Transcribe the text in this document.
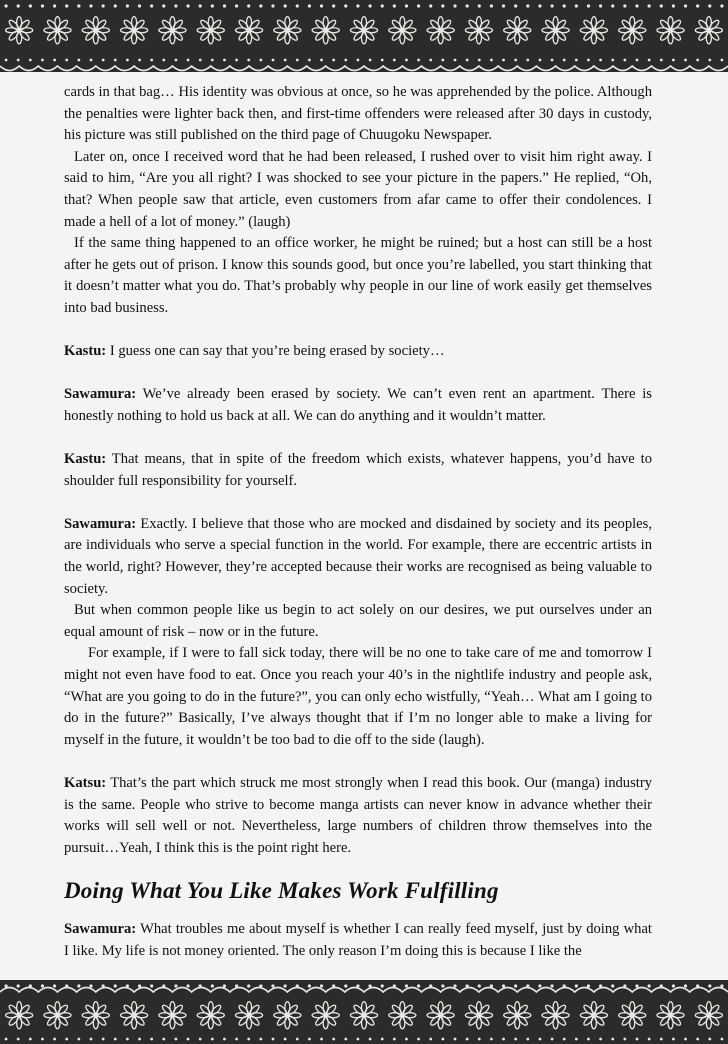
cards in that bag… His identity was obvious at once, so he was apprehended by the police. Although the penalties were lighter back then, and first-time offenders were released after 30 days in custody, his picture was still published on the third page of Chuugoku Newspaper.

Later on, once I received word that he had been released, I rushed over to visit him right away. I said to him, “Are you all right? I was shocked to see your picture in the papers.” He replied, “Oh, that? When people saw that article, even customers from afar came to offer their condolences. I made a hell of a lot of money.” (laugh)

If the same thing happened to an office worker, he might be ruined; but a host can still be a host after he gets out of prison. I know this sounds good, but once you’re labelled, you start thinking that it doesn’t matter what you do. That’s probably why people in our line of work easily get themselves into bad business.

Kastu: I guess one can say that you’re being erased by society…

Sawamura: We’ve already been erased by society. We can’t even rent an apartment. There is honestly nothing to hold us back at all. We can do anything and it wouldn’t matter.

Kastu: That means, that in spite of the freedom which exists, whatever happens, you’d have to shoulder full responsibility for yourself.

Sawamura: Exactly. I believe that those who are mocked and disdained by society and its peoples, are individuals who serve a special function in the world. For example, there are eccentric artists in the world, right? However, they’re accepted because their works are recognised as being valuable to society.

But when common people like us begin to act solely on our desires, we put ourselves under an equal amount of risk – now or in the future.

For example, if I were to fall sick today, there will be no one to take care of me and tomorrow I might not even have food to eat. Once you reach your 40’s in the nightlife industry and people ask, “What are you going to do in the future?”, you can only echo wistfully, “Yeah… What am I going to do in the future?” Basically, I’ve always thought that if I’m no longer able to make a living for myself in the future, it wouldn’t be too bad to die off to the side (laugh).

Katsu: That’s the part which struck me most strongly when I read this book. Our (manga) industry is the same. People who strive to become manga artists can never know in advance whether their works will sell well or not. Nevertheless, large numbers of children throw themselves into the pursuit…Yeah, I think this is the point right here.

Doing What You Like Makes Work Fulfilling

Sawamura: What troubles me about myself is whether I can really feed myself, just by doing what I like. My life is not money oriented. The only reason I’m doing this is because I like the
